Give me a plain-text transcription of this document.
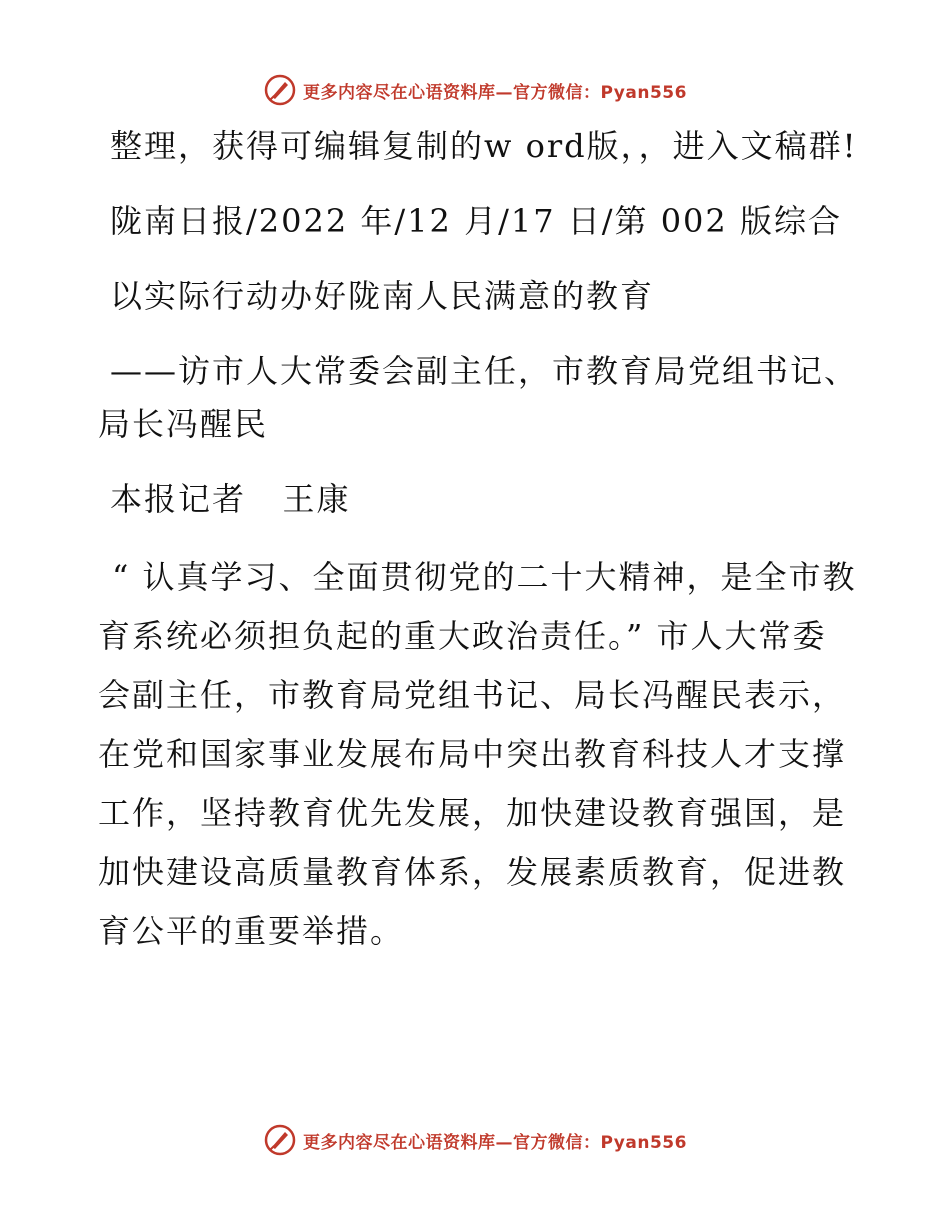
更多内容尽在心语资料库—官方微信：Pyan556

整理，获得可编辑复制的w ord版，，进入文稿群!

陇南日报/2022 年/12 月/17 日/第 002 版综合

以实际行动办好陇南人民满意的教育

——访市人大常委会副主任，市教育局党组书记、局长冯醒民

本报记者   王康

“ 认真学习、全面贯彻党的二十大精神，是全市教育系统必须担负起的重大政治责任。” 市人大常委会副主任，市教育局党组书记、局长冯醒民表示，在党和国家事业发展布局中突出教育科技人才支撑工作，坚持教育优先发展，加快建设教育强国，是加快建设高质量教育体系，发展素质教育，促进教育公平的重要举措。

更多内容尽在心语资料库—官方微信：Pyan556
